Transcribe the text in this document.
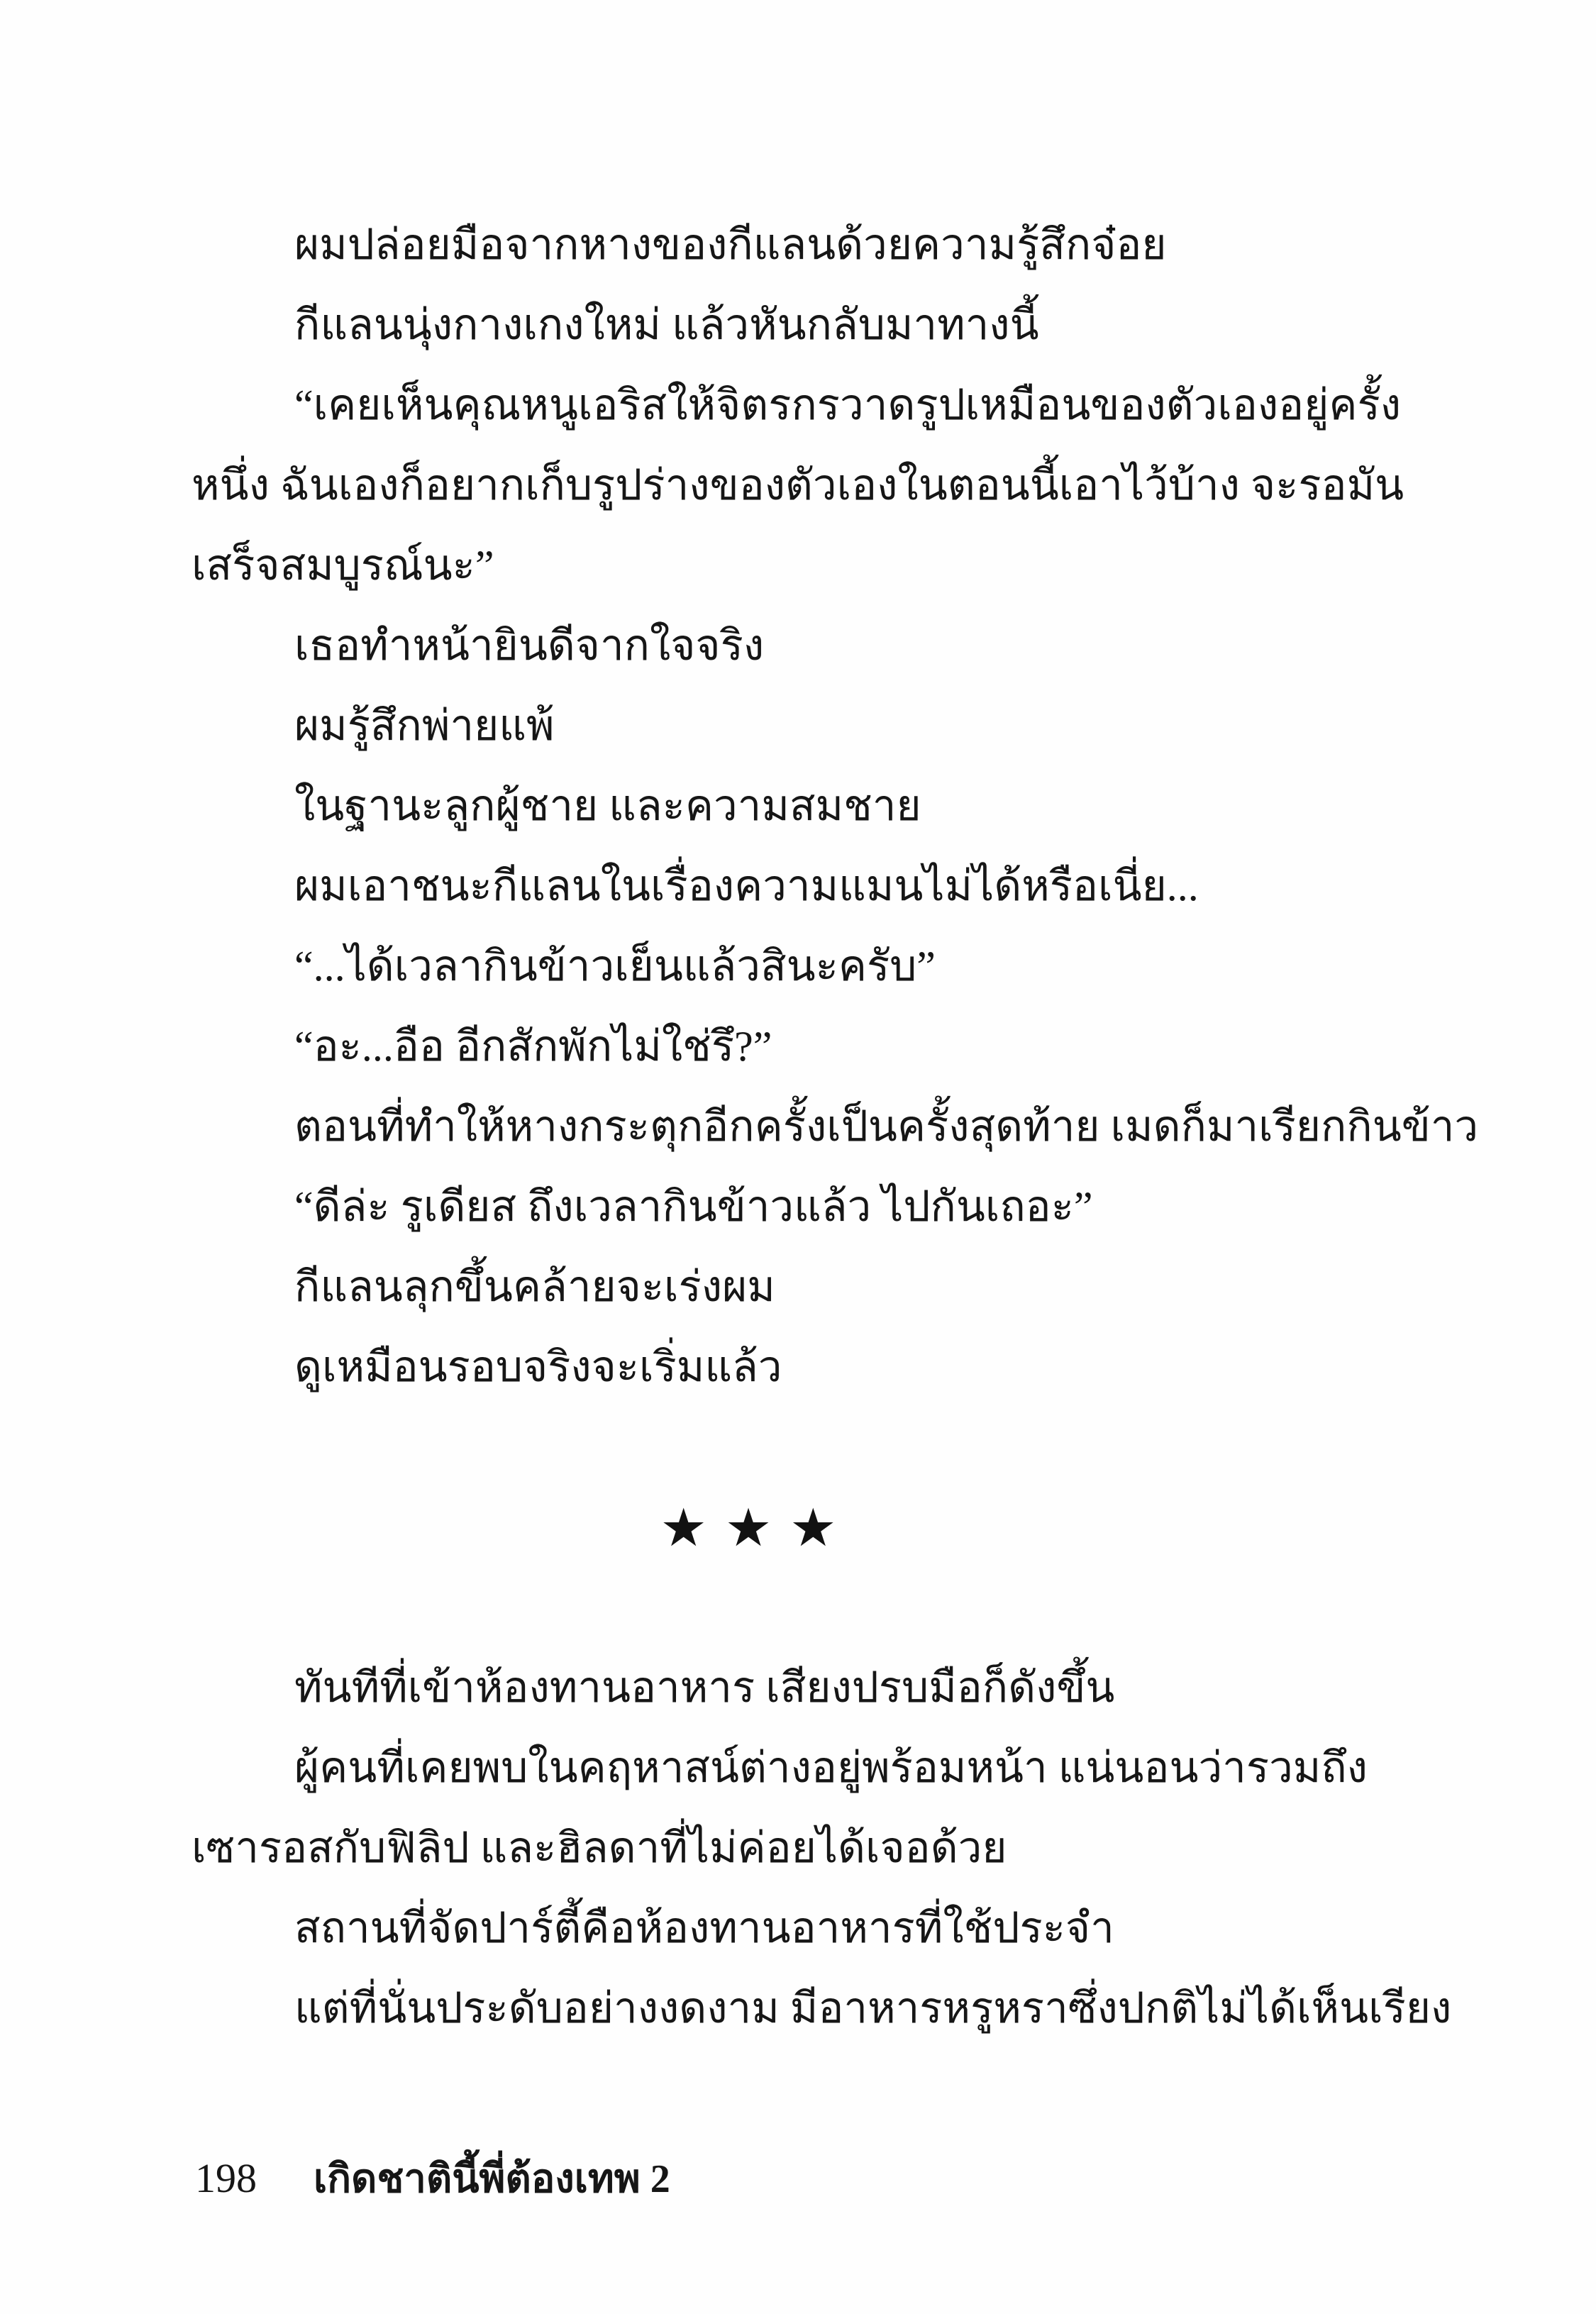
ผมปล่อยมือจากหางของกีแลนด้วยความรู้สึกจ๋อย
กีแลนนุ่งกางเกงใหม่ แล้วหันกลับมาทางนี้
“เคยเห็นคุณหนูเอริสให้จิตรกรวาดรูปเหมือนของตัวเองอยู่ครั้ง
หนึ่ง ฉันเองก็อยากเก็บรูปร่างของตัวเองในตอนนี้เอาไว้บ้าง จะรอมัน
เสร็จสมบูรณ์นะ”
เธอทำหน้ายินดีจากใจจริง
ผมรู้สึกพ่ายแพ้
ในฐานะลูกผู้ชาย และความสมชาย
ผมเอาชนะกีแลนในเรื่องความแมนไม่ได้หรือเนี่ย...
“...ได้เวลากินข้าวเย็นแล้วสินะครับ”
“อะ...อือ อีกสักพักไม่ใช่รึ?”
ตอนที่ทำให้หางกระตุกอีกครั้งเป็นครั้งสุดท้าย เมดก็มาเรียกกินข้าว
“ดีล่ะ รูเดียส ถึงเวลากินข้าวแล้ว ไปกันเถอะ”
กีแลนลุกขึ้นคล้ายจะเร่งผม
ดูเหมือนรอบจริงจะเริ่มแล้ว
★ ★ ★
ทันทีที่เข้าห้องทานอาหาร เสียงปรบมือก็ดังขึ้น
ผู้คนที่เคยพบในคฤหาสน์ต่างอยู่พร้อมหน้า แน่นอนว่ารวมถึง
เซารอสกับฟิลิป และฮิลดาที่ไม่ค่อยได้เจอด้วย
สถานที่จัดปาร์ตี้คือห้องทานอาหารที่ใช้ประจำ
แต่ที่นั่นประดับอย่างงดงาม มีอาหารหรูหราซึ่งปกติไม่ได้เห็นเรียง
198 เกิดชาตินี้พี่ต้องเทพ 2
